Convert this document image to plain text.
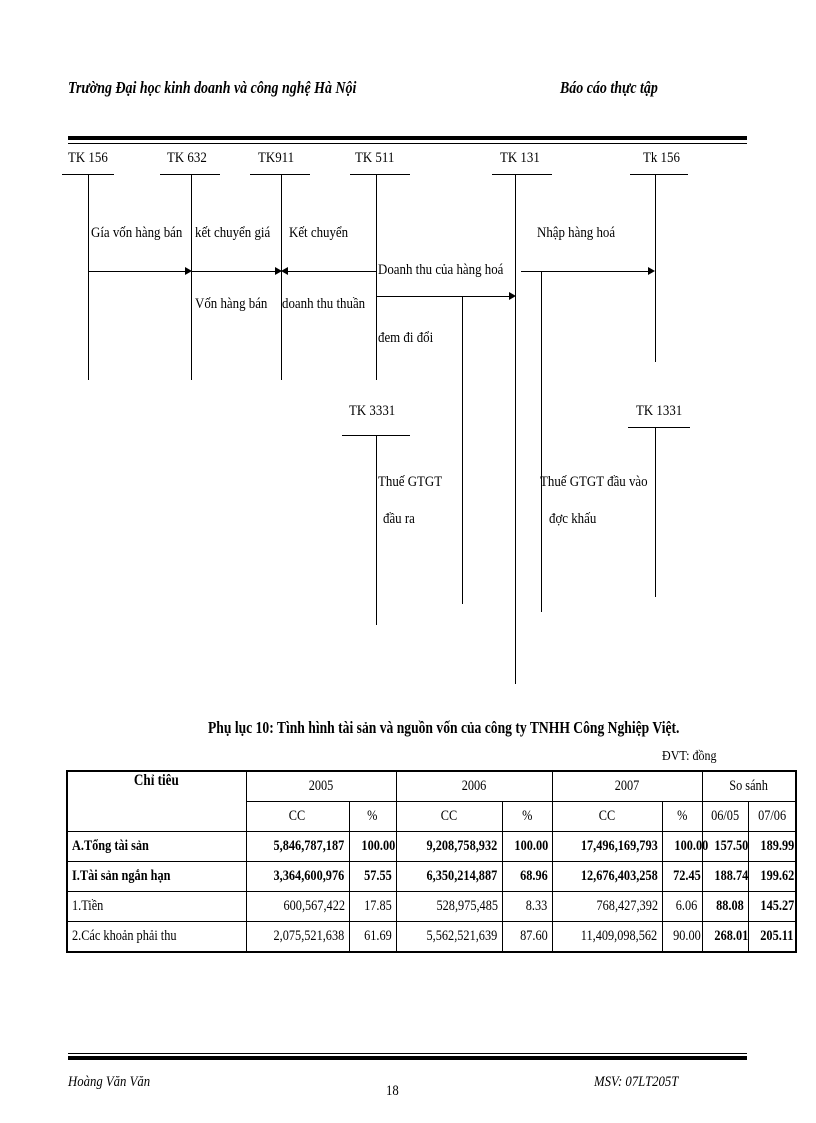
Trường Đại học kinh doanh và công nghệ Hà Nội	Báo cáo thực tập
TK 156	TK 632	TK911	TK 511	TK 131	Tk 156
TK 3331	TK 1331
Gía vốn hàng bán kết chuyển giá Kết chuyển
Doanh thu của hàng hoá
Nhập hàng hoá
Vốn hàng bán doanh thu thuần
đem đi đổi
Thuế GTGT
đầu ra
Thuế GTGT đầu vào
đợc khấu
Phụ lục 10: Tình hình tài sản và nguồn vốn của công ty TNHH Công Nghiệp Việt.
ĐVT: đồng
Chỉ tiêu	2005		2006		2007		So sánh	
	CC	%	CC	%	CC	%	06/05	07/06
A.Tổng tài sản	5,846,787,187	100.00	9,208,758,932	100.00	17,496,169,793	100.00	157.50	189.99
I.Tài sản ngắn hạn	3,364,600,976	57.55	6,350,214,887	68.96	12,676,403,258	72.45	188.74	199.62
1.Tiền	600,567,422	17.85	528,975,485	8.33	768,427,392	6.06	88.08	145.27
2.Các khoản phải thu	2,075,521,638	61.69	5,562,521,639	87.60	11,409,098,562	90.00	268.01	205.11
Hoàng Văn Văn
18
MSV: 07LT205T
